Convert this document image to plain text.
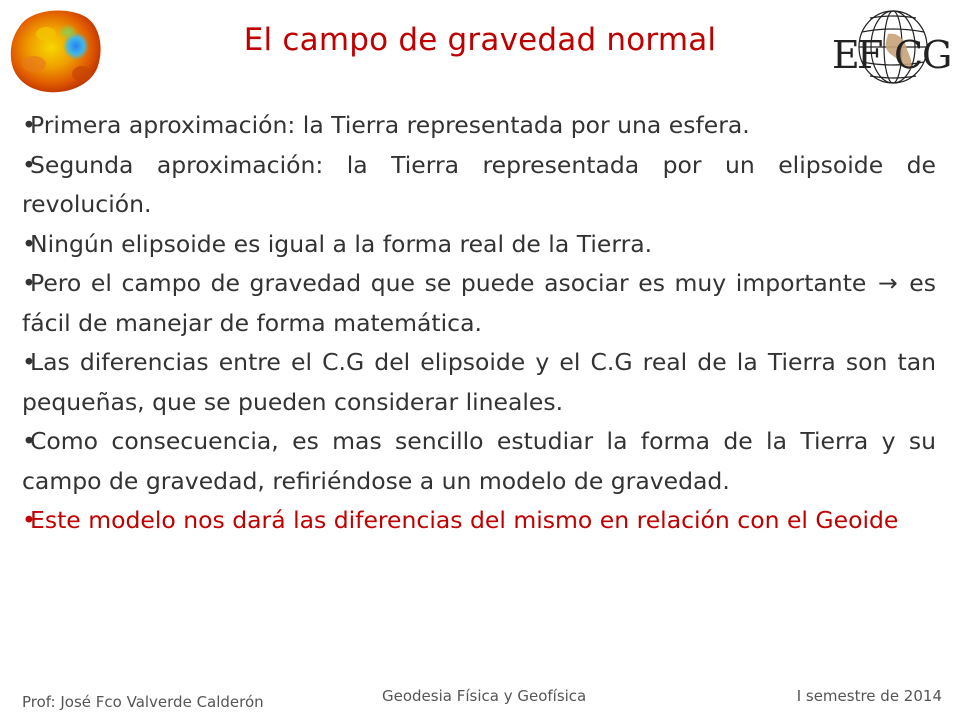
E
F C
G
El campo de gravedad normal
• Primera aproximación: la Tierra representada por una esfera.
• Segunda aproximación: la Tierra representada por un elipsoide de revolución.
• Ningún elipsoide es igual a la forma real de la Tierra.
• Pero el campo de gravedad que se puede asociar es muy importante → es fácil de manejar de forma matemática.
• Las diferencias entre el C.G del elipsoide y el C.G real de la Tierra son tan pequeñas, que se pueden considerar lineales.
• Como consecuencia, es mas sencillo estudiar la forma de la Tierra y su campo de gravedad, refiriéndose a un modelo de gravedad.
• Este modelo nos dará las diferencias del mismo en relación con el Geoide
Prof: José Fco Valverde Calderón	Geodesia Física y Geofísica	I semestre de 2014
